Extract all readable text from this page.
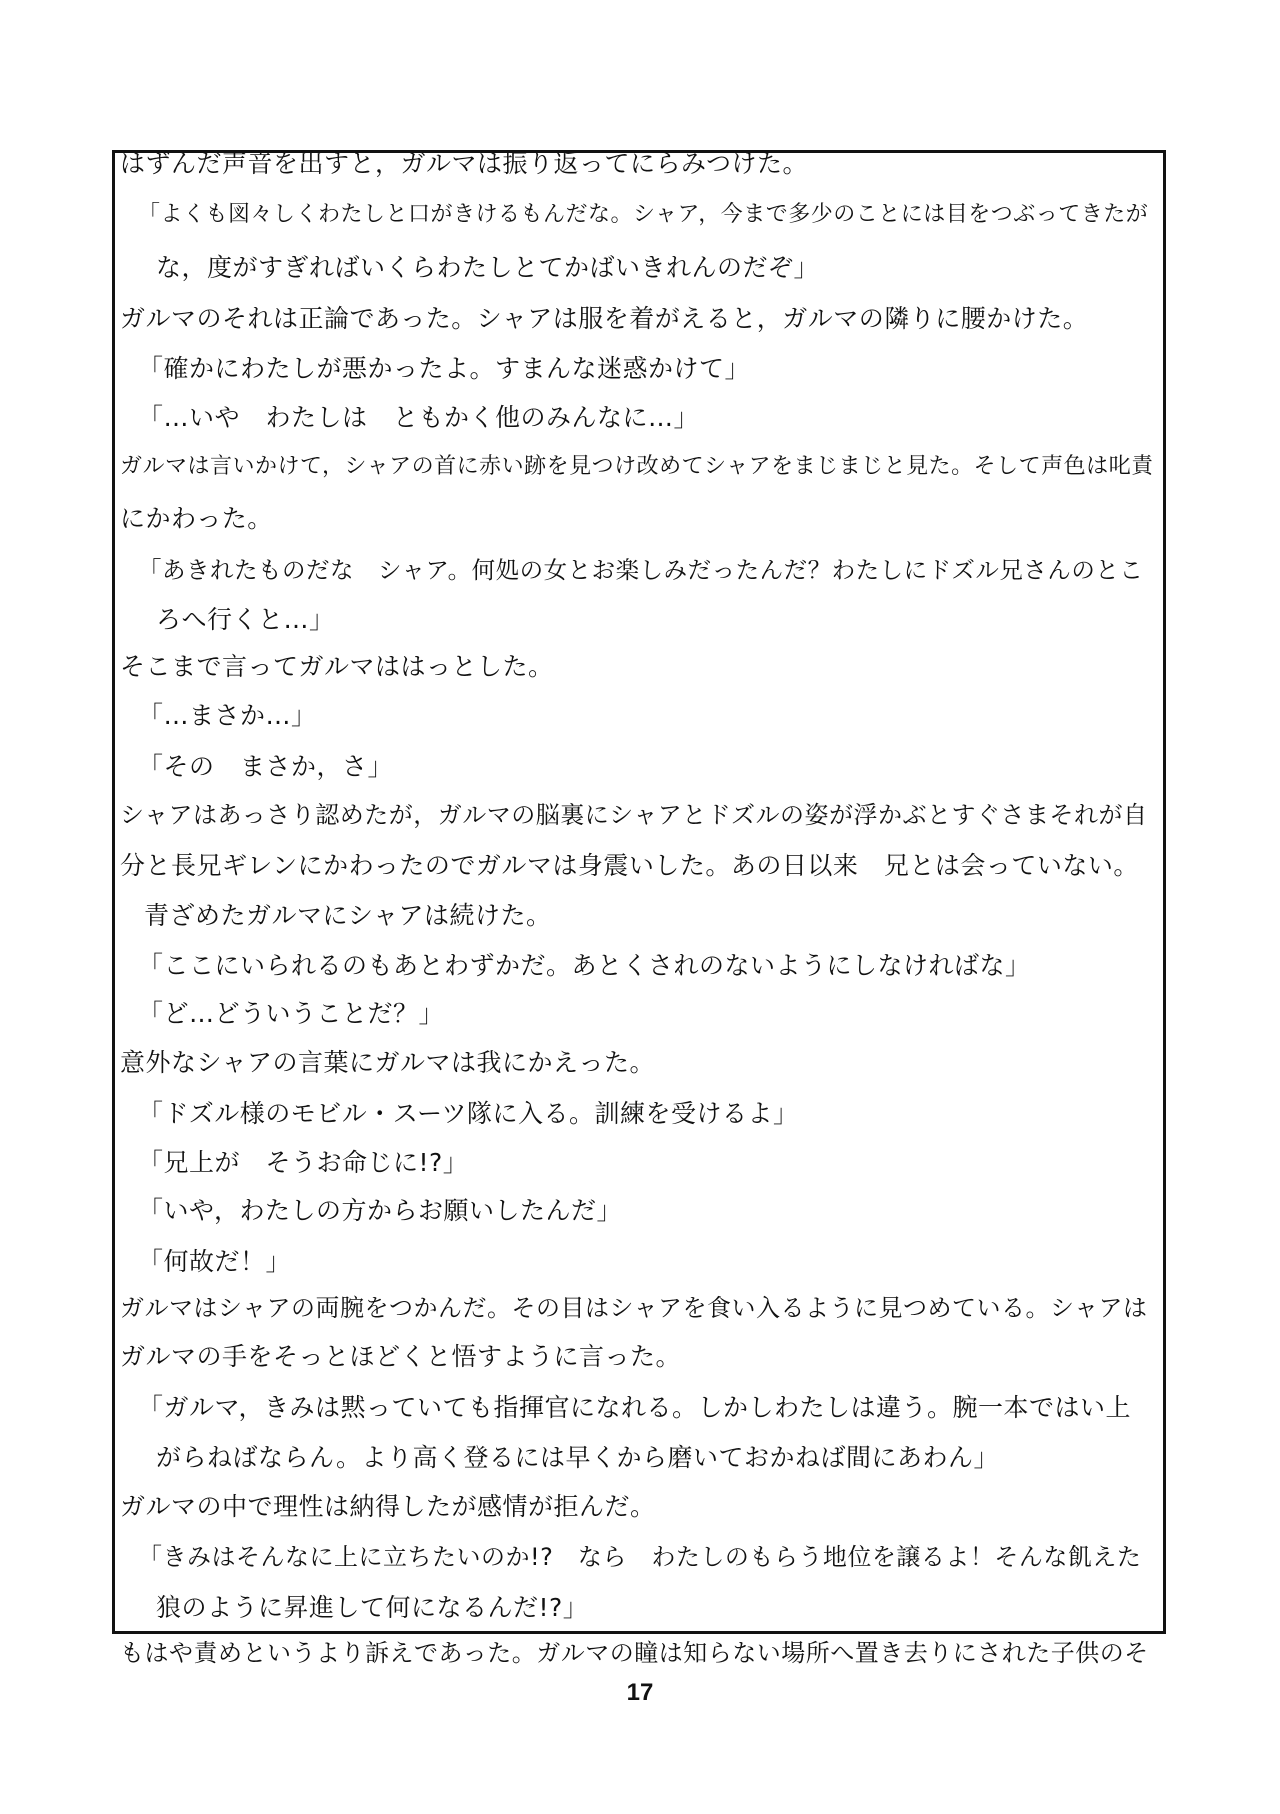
はずんだ声音を出すと，ガルマは振り返ってにらみつけた。
「よくも図々しくわたしと口がきけるもんだな。シャア，今まで多少のことには目をつぶってきたが
な，度がすぎればいくらわたしとてかばいきれんのだぞ」
ガルマのそれは正論であった。シャアは服を着がえると，ガルマの隣りに腰かけた。
「確かにわたしが悪かったよ。すまんな迷惑かけて」
「…いや　わたしは　ともかく他のみんなに…」
ガルマは言いかけて，シャアの首に赤い跡を見つけ改めてシャアをまじまじと見た。そして声色は叱責
にかわった。
「あきれたものだな　シャア。何処の女とお楽しみだったんだ？わたしにドズル兄さんのとこ
ろへ行くと…」
そこまで言ってガルマははっとした。
「…まさか…」
「その　まさか，さ」
シャアはあっさり認めたが，ガルマの脳裏にシャアとドズルの姿が浮かぶとすぐさまそれが自
分と長兄ギレンにかわったのでガルマは身震いした。あの日以来　兄とは会っていない。
青ざめたガルマにシャアは続けた。
「ここにいられるのもあとわずかだ。あとくされのないようにしなければな」
「ど…どういうことだ？」
意外なシャアの言葉にガルマは我にかえった。
「ドズル様のモビル・スーツ隊に入る。訓練を受けるよ」
「兄上が　そうお命じに!?」
「いや，わたしの方からお願いしたんだ」
「何故だ！」
ガルマはシャアの両腕をつかんだ。その目はシャアを食い入るように見つめている。シャアは
ガルマの手をそっとほどくと悟すように言った。
「ガルマ，きみは黙っていても指揮官になれる。しかしわたしは違う。腕一本ではい上
がらねばならん。より高く登るには早くから磨いておかねば間にあわん」
ガルマの中で理性は納得したが感情が拒んだ。
「きみはそんなに上に立ちたいのか!?　なら　わたしのもらう地位を譲るよ！そんな飢えた
狼のように昇進して何になるんだ!?」
もはや責めというより訴えであった。ガルマの瞳は知らない場所へ置き去りにされた子供のそ
17
